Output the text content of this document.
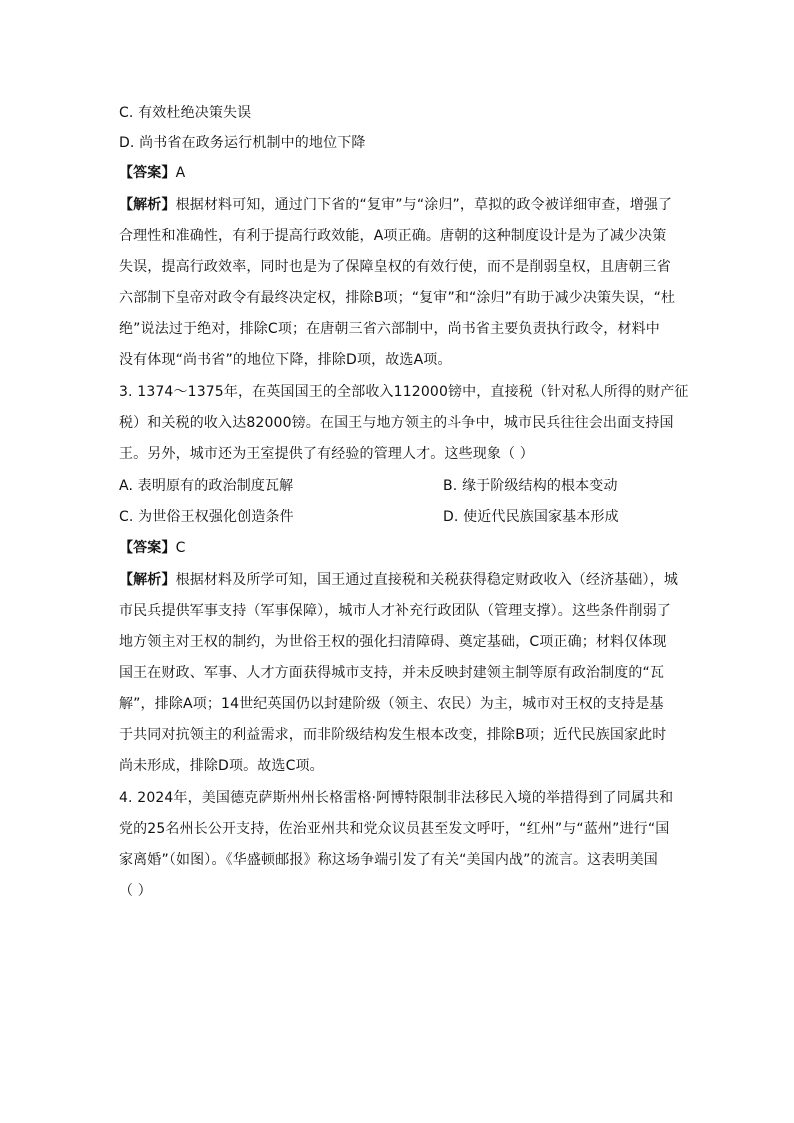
C. 有效杜绝决策失误
D. 尚书省在政务运行机制中的地位下降
【答案】A
【解析】根据材料可知，通过门下省的“复审”与“涂归”，草拟的政令被详细审查，增强了
合理性和准确性，有利于提高行政效能，A项正确。唐朝的这种制度设计是为了减少决策
失误，提高行政效率，同时也是为了保障皇权的有效行使，而不是削弱皇权，且唐朝三省
六部制下皇帝对政令有最终决定权，排除B项；“复审”和“涂归”有助于减少决策失误，“杜
绝”说法过于绝对，排除C项；在唐朝三省六部制中，尚书省主要负责执行政令，材料中
没有体现“尚书省”的地位下降，排除D项，故选A项。
3. 1374～1375年，在英国国王的全部收入112000镑中，直接税（针对私人所得的财产征
税）和关税的收入达82000镑。在国王与地方领主的斗争中，城市民兵往往会出面支持国
王。另外，城市还为王室提供了有经验的管理人才。这些现象（ ）
A. 表明原有的政治制度瓦解	B. 缘于阶级结构的根本变动
C. 为世俗王权强化创造条件	D. 使近代民族国家基本形成
【答案】C
【解析】根据材料及所学可知，国王通过直接税和关税获得稳定财政收入（经济基础），城
市民兵提供军事支持（军事保障），城市人才补充行政团队（管理支撑）。这些条件削弱了
地方领主对王权的制约，为世俗王权的强化扫清障碍、奠定基础，C项正确；材料仅体现
国王在财政、军事、人才方面获得城市支持，并未反映封建领主制等原有政治制度的“瓦
解”，排除A项；14世纪英国仍以封建阶级（领主、农民）为主，城市对王权的支持是基
于共同对抗领主的利益需求，而非阶级结构发生根本改变，排除B项；近代民族国家此时
尚未形成，排除D项。故选C项。
4. 2024年，美国德克萨斯州州长格雷格·阿博特限制非法移民入境的举措得到了同属共和
党的25名州长公开支持，佐治亚州共和党众议员甚至发文呼吁，“红州”与“蓝州”进行“国
家离婚”（如图）。《华盛顿邮报》称这场争端引发了有关“美国内战”的流言。这表明美国
（ ）
